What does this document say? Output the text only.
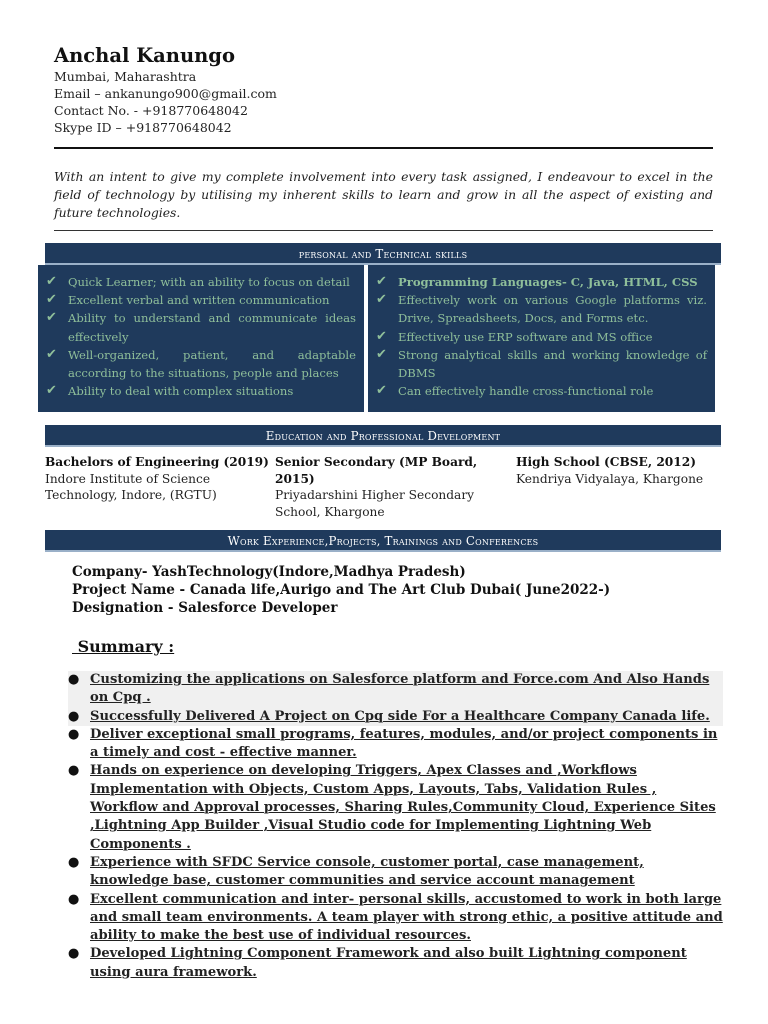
Anchal Kanungo
Mumbai, Maharashtra
Email – ankanungo900@gmail.com
Contact No. - +918770648042
Skype ID – +918770648042
With an intent to give my complete involvement into every task assigned, I endeavour to excel in the field of technology by utilising my inherent skills to learn and grow in all the aspect of existing and future technologies.
personal and Technical skills
✔ Quick Learner; with an ability to focus on detail
✔ Excellent verbal and written communication
✔ Ability to understand and communicate ideas effectively
✔ Well-organized, patient, and adaptable according to the situations, people and places
✔ Ability to deal with complex situations
✔ Programming Languages- C, Java, HTML, CSS
✔ Effectively work on various Google platforms viz. Drive, Spreadsheets, Docs, and Forms etc.
✔ Effectively use ERP software and MS office
✔ Strong analytical skills and working knowledge of DBMS
✔ Can effectively handle cross-functional role
Education and Professional Development
Bachelors of Engineering (2019)
Indore Institute of Science Technology, Indore, (RGTU)
Senior Secondary (MP Board, 2015)
Priyadarshini Higher Secondary School, Khargone
High School (CBSE, 2012)
Kendriya Vidyalaya, Khargone
Work Experience,Projects, Trainings and Conferences
Company- YashTechnology(Indore,Madhya Pradesh)
Project Name - Canada life,Aurigo and The Art Club Dubai( June2022-)
Designation - Salesforce Developer
Summary :
● Customizing the applications on Salesforce platform and Force.com And Also Hands on Cpq .
● Successfully Delivered A Project on Cpq side For a Healthcare Company Canada life.
● Deliver exceptional small programs, features, modules, and/or project components in a timely and cost - effective manner.
● Hands on experience on developing Triggers, Apex Classes and ,Workflows Implementation with Objects, Custom Apps, Layouts, Tabs, Validation Rules , Workflow and Approval processes, Sharing Rules,Community Cloud, Experience Sites ,Lightning App Builder ,Visual Studio code for Implementing Lightning Web Components .
● Experience with SFDC Service console, customer portal, case management, knowledge base, customer communities and service account management
● Excellent communication and inter- personal skills, accustomed to work in both large and small team environments. A team player with strong ethic, a positive attitude and ability to make the best use of individual resources.
● Developed Lightning Component Framework and also built Lightning component using aura framework.
